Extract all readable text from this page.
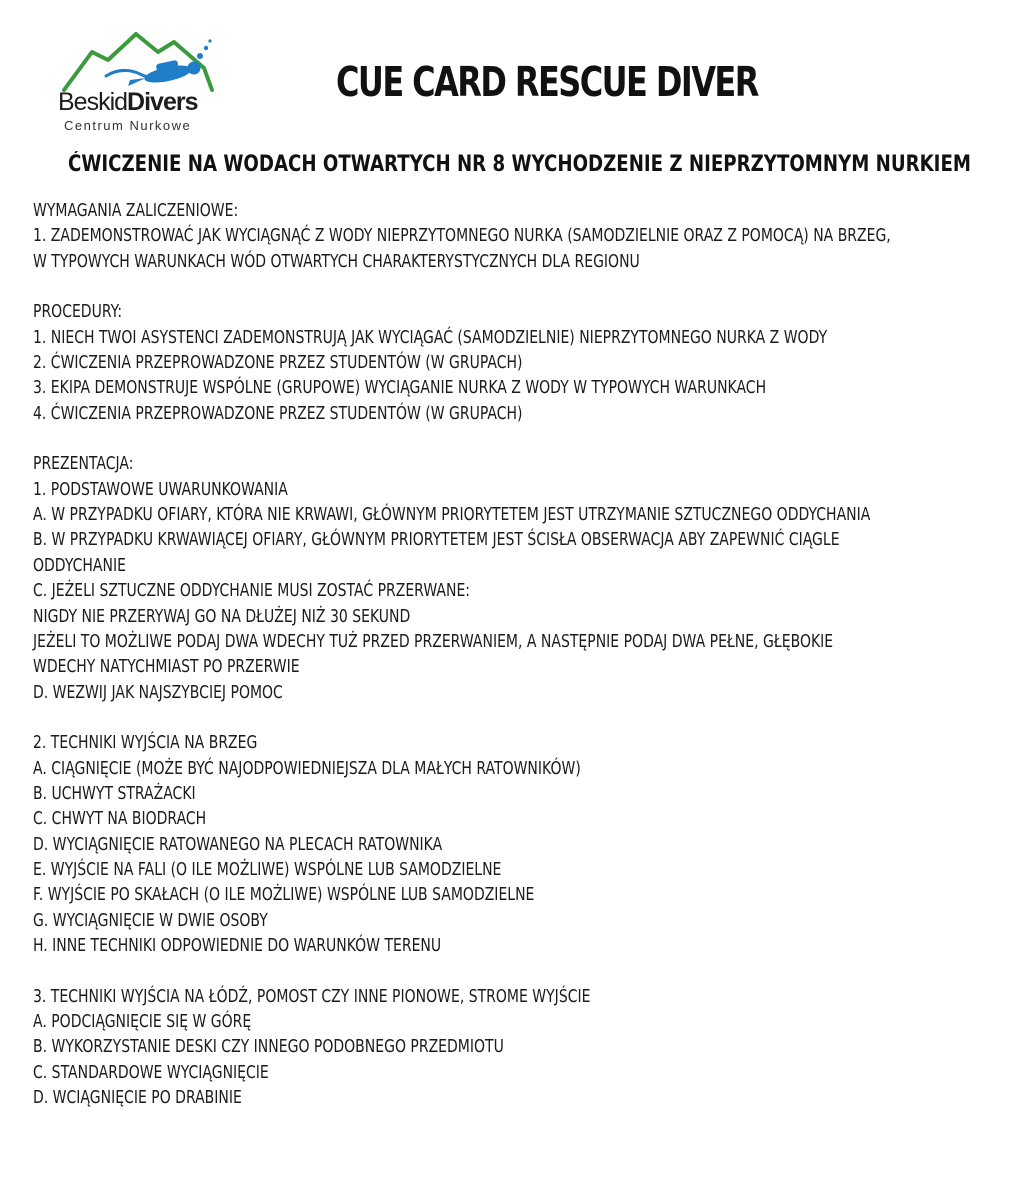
BeskidDivers
Centrum Nurkowe
CUE CARD RESCUE DIVER
ĆWICZENIE NA WODACH OTWARTYCH NR 8 WYCHODZENIE Z NIEPRZYTOMNYM NURKIEM
WYMAGANIA ZALICZENIOWE:
1. ZADEMONSTROWAĆ JAK WYCIĄGNĄĆ Z WODY NIEPRZYTOMNEGO NURKA (SAMODZIELNIE ORAZ Z POMOCĄ) NA BRZEG,
W TYPOWYCH WARUNKACH WÓD OTWARTYCH CHARAKTERYSTYCZNYCH DLA REGIONU
PROCEDURY:
1. NIECH TWOI ASYSTENCI ZADEMONSTRUJĄ JAK WYCIĄGAĆ (SAMODZIELNIE) NIEPRZYTOMNEGO NURKA Z WODY
2. ĆWICZENIA PRZEPROWADZONE PRZEZ STUDENTÓW (W GRUPACH)
3. EKIPA DEMONSTRUJE WSPÓLNE (GRUPOWE) WYCIĄGANIE NURKA Z WODY W TYPOWYCH WARUNKACH
4. ĆWICZENIA PRZEPROWADZONE PRZEZ STUDENTÓW (W GRUPACH)
PREZENTACJA:
1. PODSTAWOWE UWARUNKOWANIA
A. W PRZYPADKU OFIARY, KTÓRA NIE KRWAWI, GŁÓWNYM PRIORYTETEM JEST UTRZYMANIE SZTUCZNEGO ODDYCHANIA
B. W PRZYPADKU KRWAWIĄCEJ OFIARY, GŁÓWNYM PRIORYTETEM JEST ŚCISŁA OBSERWACJA ABY ZAPEWNIĆ CIĄGLE
ODDYCHANIE
C. JEŻELI SZTUCZNE ODDYCHANIE MUSI ZOSTAĆ PRZERWANE:
NIGDY NIE PRZERYWAJ GO NA DŁUŻEJ NIŻ 30 SEKUND
JEŻELI TO MOŻLIWE PODAJ DWA WDECHY TUŻ PRZED PRZERWANIEM, A NASTĘPNIE PODAJ DWA PEŁNE, GŁĘBOKIE
WDECHY NATYCHMIAST PO PRZERWIE
D. WEZWIJ JAK NAJSZYBCIEJ POMOC
2. TECHNIKI WYJŚCIA NA BRZEG
A. CIĄGNIĘCIE (MOŻE BYĆ NAJODPOWIEDNIEJSZA DLA MAŁYCH RATOWNIKÓW)
B. UCHWYT STRAŻACKI
C. CHWYT NA BIODRACH
D. WYCIĄGNIĘCIE RATOWANEGO NA PLECACH RATOWNIKA
E. WYJŚCIE NA FALI (O ILE MOŻLIWE) WSPÓLNE LUB SAMODZIELNE
F. WYJŚCIE PO SKAŁACH (O ILE MOŻLIWE) WSPÓLNE LUB SAMODZIELNE
G. WYCIĄGNIĘCIE W DWIE OSOBY
H. INNE TECHNIKI ODPOWIEDNIE DO WARUNKÓW TERENU
3. TECHNIKI WYJŚCIA NA ŁÓDŹ, POMOST CZY INNE PIONOWE, STROME WYJŚCIE
A. PODCIĄGNIĘCIE SIĘ W GÓRĘ
B. WYKORZYSTANIE DESKI CZY INNEGO PODOBNEGO PRZEDMIOTU
C. STANDARDOWE WYCIĄGNIĘCIE
D. WCIĄGNIĘCIE PO DRABINIE
